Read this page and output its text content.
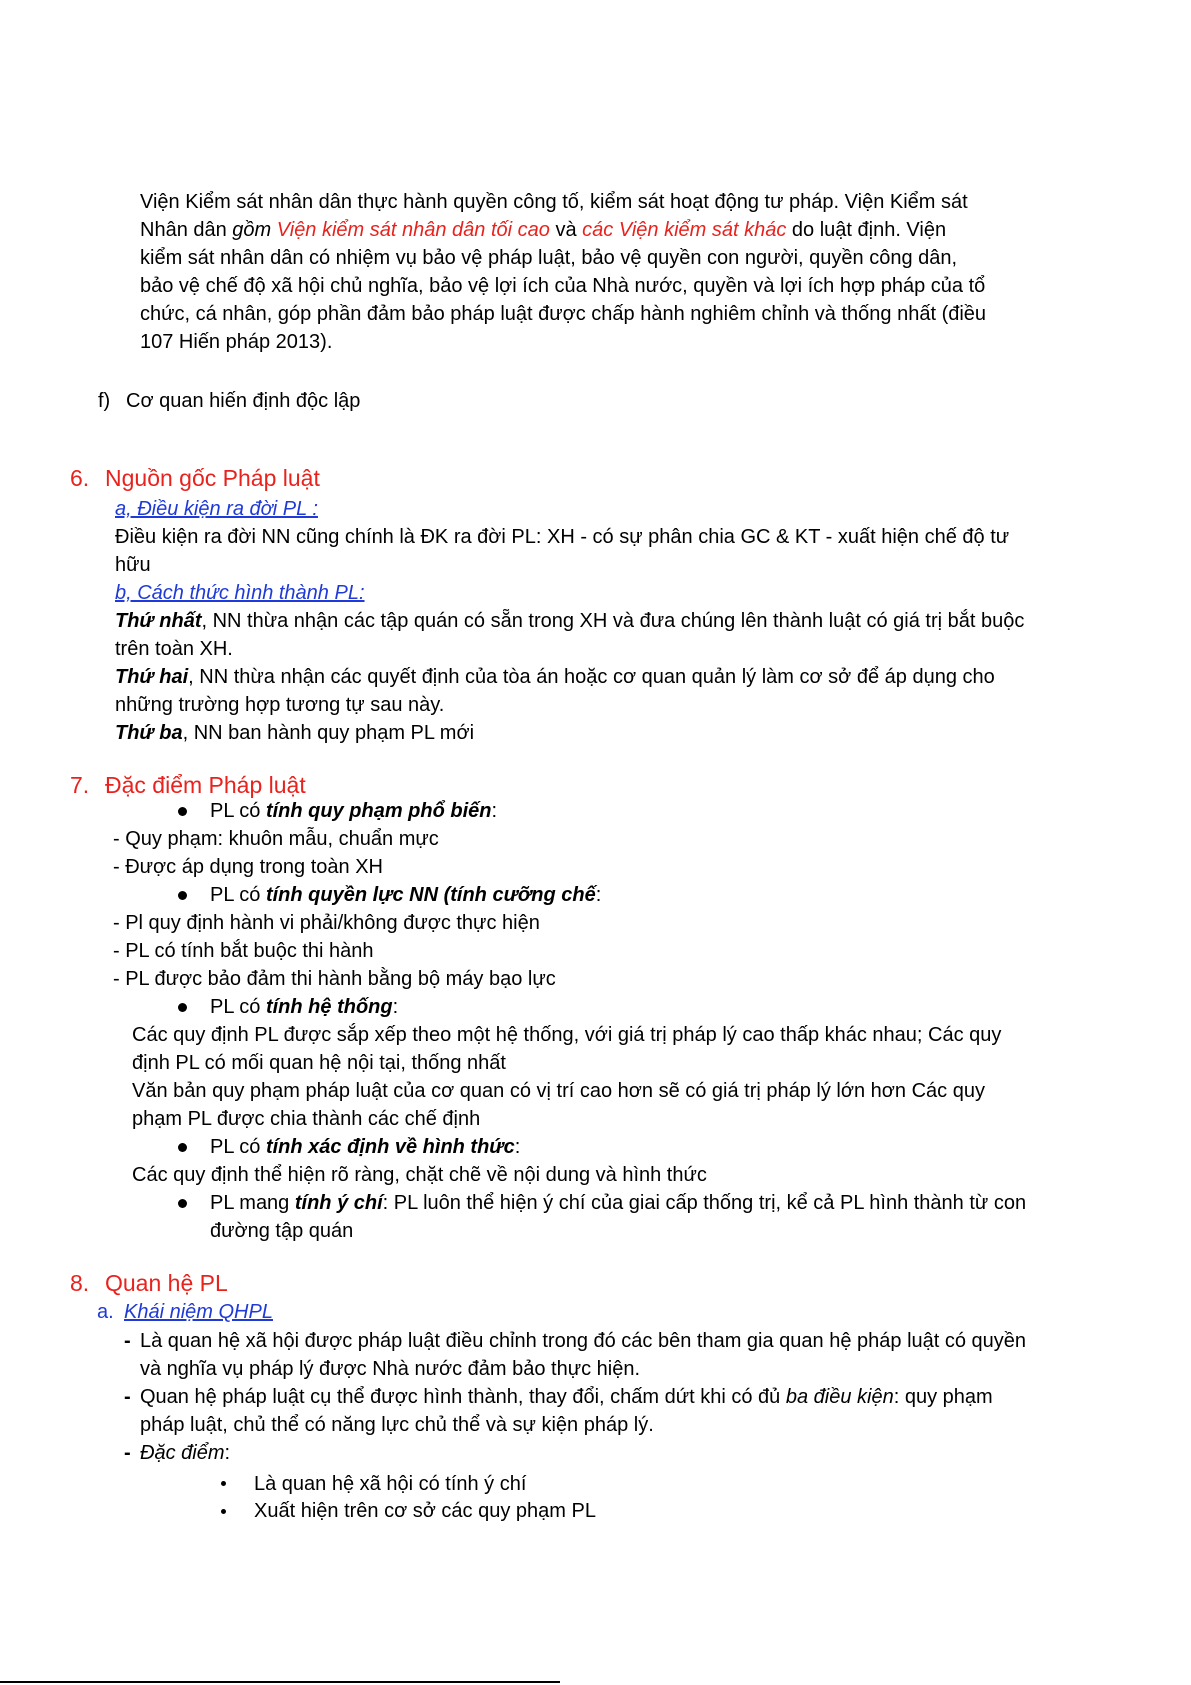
Viện Kiểm sát nhân dân thực hành quyền công tố, kiểm sát hoạt động tư pháp. Viện Kiểm sát
Nhân dân gồm Viện kiểm sát nhân dân tối cao và các Viện kiểm sát khác do luật định. Viện
kiểm sát nhân dân có nhiệm vụ bảo vệ pháp luật, bảo vệ quyền con người, quyền công dân,
bảo vệ chế độ xã hội chủ nghĩa, bảo vệ lợi ích của Nhà nước, quyền và lợi ích hợp pháp của tổ
chức, cá nhân, góp phần đảm bảo pháp luật được chấp hành nghiêm chỉnh và thống nhất (điều
107 Hiến pháp 2013).
f) Cơ quan hiến định độc lập
6. Nguồn gốc Pháp luật
a, Điều kiện ra đời PL :
Điều kiện ra đời NN cũng chính là ĐK ra đời PL: XH - có sự phân chia GC & KT - xuất hiện chế độ tư
hữu
b, Cách thức hình thành PL:
Thứ nhất, NN thừa nhận các tập quán có sẵn trong XH và đưa chúng lên thành luật có giá trị bắt buộc
trên toàn XH.
Thứ hai, NN thừa nhận các quyết định của tòa án hoặc cơ quan quản lý làm cơ sở để áp dụng cho
những trường hợp tương tự sau này.
Thứ ba, NN ban hành quy phạm PL mới
7. Đặc điểm Pháp luật
PL có tính quy phạm phổ biến:
- Quy phạm: khuôn mẫu, chuẩn mực
- Được áp dụng trong toàn XH
PL có tính quyền lực NN (tính cưỡng chế:
- Pl quy định hành vi phải/không được thực hiện
- PL có tính bắt buộc thi hành
- PL được bảo đảm thi hành bằng bộ máy bạo lực
PL có tính hệ thống:
Các quy định PL được sắp xếp theo một hệ thống, với giá trị pháp lý cao thấp khác nhau; Các quy
định PL có mối quan hệ nội tại, thống nhất
Văn bản quy phạm pháp luật của cơ quan có vị trí cao hơn sẽ có giá trị pháp lý lớn hơn Các quy
phạm PL được chia thành các chế định
PL có tính xác định về hình thức:
Các quy định thể hiện rõ ràng, chặt chẽ về nội dung và hình thức
PL mang tính ý chí: PL luôn thể hiện ý chí của giai cấp thống trị, kể cả PL hình thành từ con
đường tập quán
8. Quan hệ PL
a. Khái niệm QHPL
- Là quan hệ xã hội được pháp luật điều chỉnh trong đó các bên tham gia quan hệ pháp luật có quyền
và nghĩa vụ pháp lý được Nhà nước đảm bảo thực hiện.
- Quan hệ pháp luật cụ thể được hình thành, thay đổi, chấm dứt khi có đủ ba điều kiện: quy phạm
pháp luật, chủ thể có năng lực chủ thể và sự kiện pháp lý.
- Đặc điểm:
Là quan hệ xã hội có tính ý chí
Xuất hiện trên cơ sở các quy phạm PL
